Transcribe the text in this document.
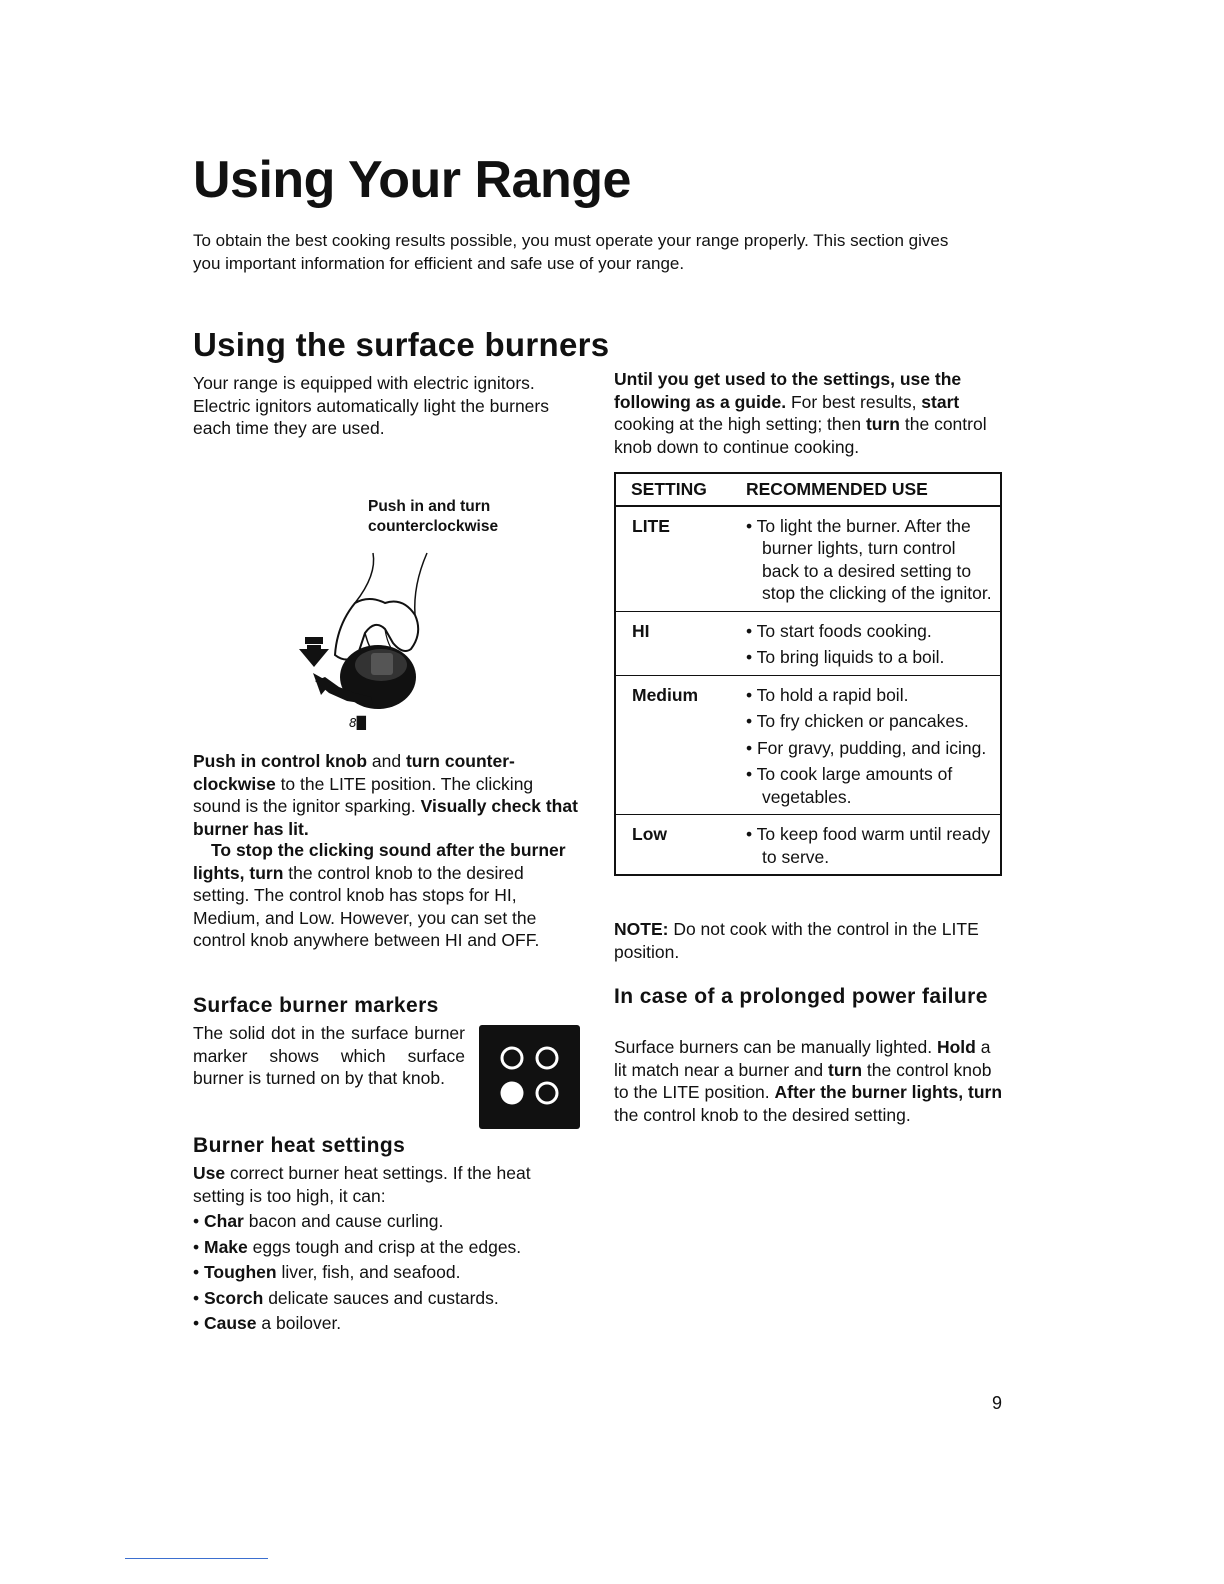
Using Your Range
To obtain the best cooking results possible, you must operate your range properly. This section gives you important information for efficient and safe use of your range.
Using the surface burners
Your range is equipped with electric ignitors. Electric ignitors automatically light the burners each time they are used.
Push in and turn
counterclockwise
8█
Push in control knob and turn counter-clockwise to the LITE position. The clicking sound is the ignitor sparking. Visually check that burner has lit.
To stop the clicking sound after the burner lights, turn the control knob to the desired setting. The control knob has stops for HI, Medium, and Low. However, you can set the control knob anywhere between HI and OFF.
Surface burner markers
The solid dot in the surface burner marker shows which surface burner is turned on by that knob.
Burner heat settings
Use correct burner heat settings. If the heat setting is too high, it can:
• Char bacon and cause curling.
• Make eggs tough and crisp at the edges.
• Toughen liver, fish, and seafood.
• Scorch delicate sauces and custards.
• Cause a boilover.
Until you get used to the settings, use the following as a guide. For best results, start cooking at the high setting; then turn the control knob down to continue cooking.
SETTING	RECOMMENDED USE
LITE	• To light the burner. After the burner lights, turn control back to a desired setting to stop the clicking of the ignitor.

HI	• To start foods cooking.
• To bring liquids to a boil.

Medium	• To hold a rapid boil.
• To fry chicken or pancakes.
• For gravy, pudding, and icing.
• To cook large amounts of vegetables.

Low	• To keep food warm until ready to serve.
NOTE: Do not cook with the control in the LITE position.
In case of a prolonged power failure
Surface burners can be manually lighted. Hold a lit match near a burner and turn the control knob to the LITE position. After the burner lights, turn the control knob to the desired setting.
9
